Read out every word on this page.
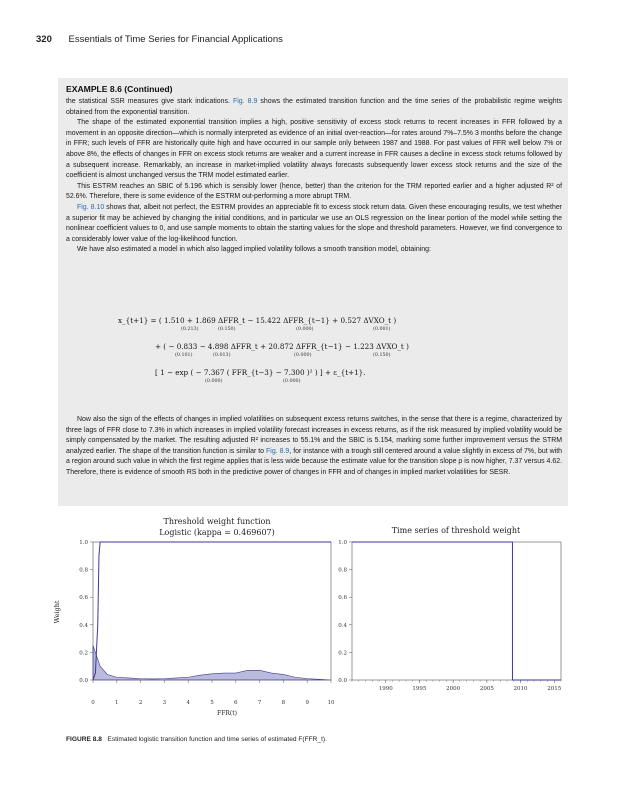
320 Essentials of Time Series for Financial Applications
EXAMPLE 8.6 (Continued)

the statistical SSR measures give stark indications. Fig. 8.9 shows the estimated transition function and the time series of the probabilistic regime weights obtained from the exponential transition.

The shape of the estimated exponential transition implies a high, positive sensitivity of excess stock returns to recent increases in FFR followed by a movement in an opposite direction—which is normally interpreted as evidence of an initial over-reaction—for rates around 7%–7.5% 3 months before the change in FFR; such levels of FFR are historically quite high and have occurred in our sample only between 1987 and 1988. For past values of FFR well below 7% or above 8%, the effects of changes in FFR on excess stock returns are weaker and a current increase in FFR causes a decline in excess stock returns followed by a subsequent increase. Remarkably, an increase in market-implied volatility always forecasts subsequently lower excess stock returns and the size of the coefficient is almost unchanged versus the TRM model estimated earlier.

This ESTRM reaches an SBIC of 5.196 which is sensibly lower (hence, better) than the criterion for the TRM reported earlier and a higher adjusted R² of 52.6%. Therefore, there is some evidence of the ESTRM out-performing a more abrupt TRM.

Fig. 8.10 shows that, albeit not perfect, the ESTRM provides an appreciable fit to excess stock return data. Given these encouraging results, we test whether a superior fit may be achieved by changing the initial conditions, and in particular we use an OLS regression on the linear portion of the model while setting the nonlinear coefficient values to 0, and use sample moments to obtain the starting values for the slope and threshold parameters. However, we find convergence to a considerably lower value of the log-likelihood function.

We have also estimated a model in which also lagged implied volatility follows a smooth transition model, obtaining:

x_{t+1} = ( 1.510 + 1.869 ΔFFR_t − 15.422 ΔFFR_{t−1} + 0.527 ΔVXO_t )
(0.213)	(0.150)	(0.000)	(0.001)
+ ( − 0.833 − 4.898 ΔFFR_t + 20.872 ΔFFR_{t−1} − 1.223 ΔVXO_t )
(0.101)	(0.013)	(0.000)	(0.150)
[ 1 − exp ( − 7.367 ( FFR_{t−3} − 7.300 )² ) ] + ε_{t+1}.
(0.000)	(0.000)

Now also the sign of the effects of changes in implied volatilities on subsequent excess returns switches, in the sense that there is a regime, characterized by three lags of FFR close to 7.3% in which increases in implied volatility forecast increases in excess returns, as if the risk measured by implied volatility would be simply compensated by the market. The resulting adjusted R² increases to 55.1% and the SBIC is 5.154, marking some further improvement versus the STRM analyzed earlier. The shape of the transition function is similar to Fig. 8.9, for instance with a trough still centered around a value slightly in excess of 7%, but with a region around such value in which the first regime applies that is less wide because the estimate value for the transition slope ρ is now higher, 7.37 versus 4.62. Therefore, there is evidence of smooth RS both in the predictive power of changes in FFR and of changes in implied market volatilities for SESR.

Threshold weight function
Logistic (kappa = 0.469607)	Time series of threshold weight
Weight
FFR(t)
0.0
0.2
0.4
0.6
0.8
1.0
0	1	2	3	4	5	6	7	8	9	10
0.0
0.2
0.4
0.6
0.8
1.0
1990	1995	2000	2005	2010	2015
FIGURE 8.8 Estimated logistic transition function and time series of estimated F(FFR_t).
